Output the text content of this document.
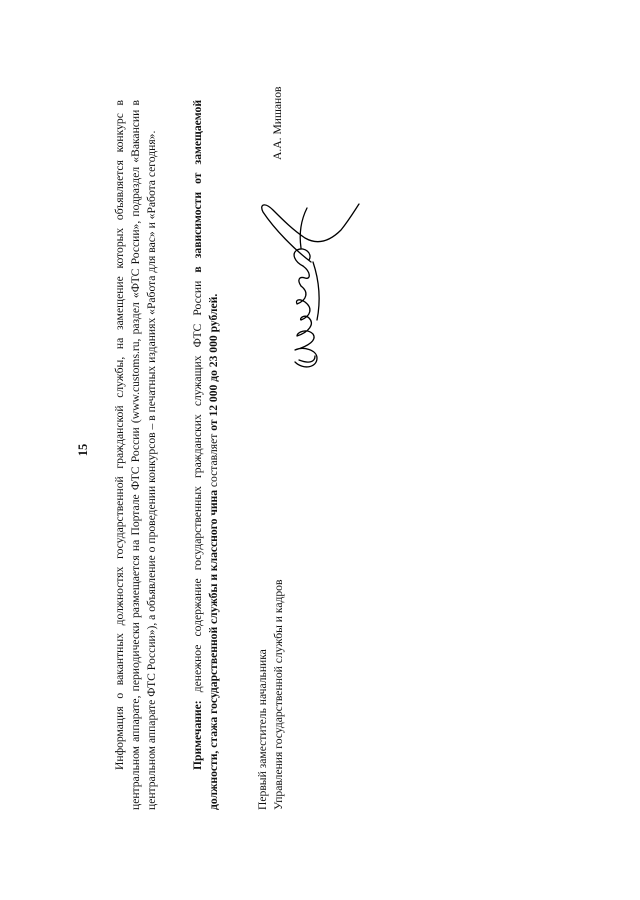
15 Информация о вакантных должностях государственной гражданской службы, на замещение которых объявляется конкурс в центральном аппарате, периодически размещается на Портале ФТС России (www.customs.ru, раздел «ФТС России», подраздел «Вакансии в центральном аппарате ФТС России»), а объявление о проведении конкурсов – в печатных изданиях «Работа для вас» и «Работа сегодня».	Примечание: денежное содержание государственных гражданских служащих ФТС России в зависимости от замещаемой должности, стажа государственной службы и классного чина составляет от 12 000 до 23 000 рублей.
Первый заместитель начальника Управления государственной службы и кадров
А.А. Мишанов
